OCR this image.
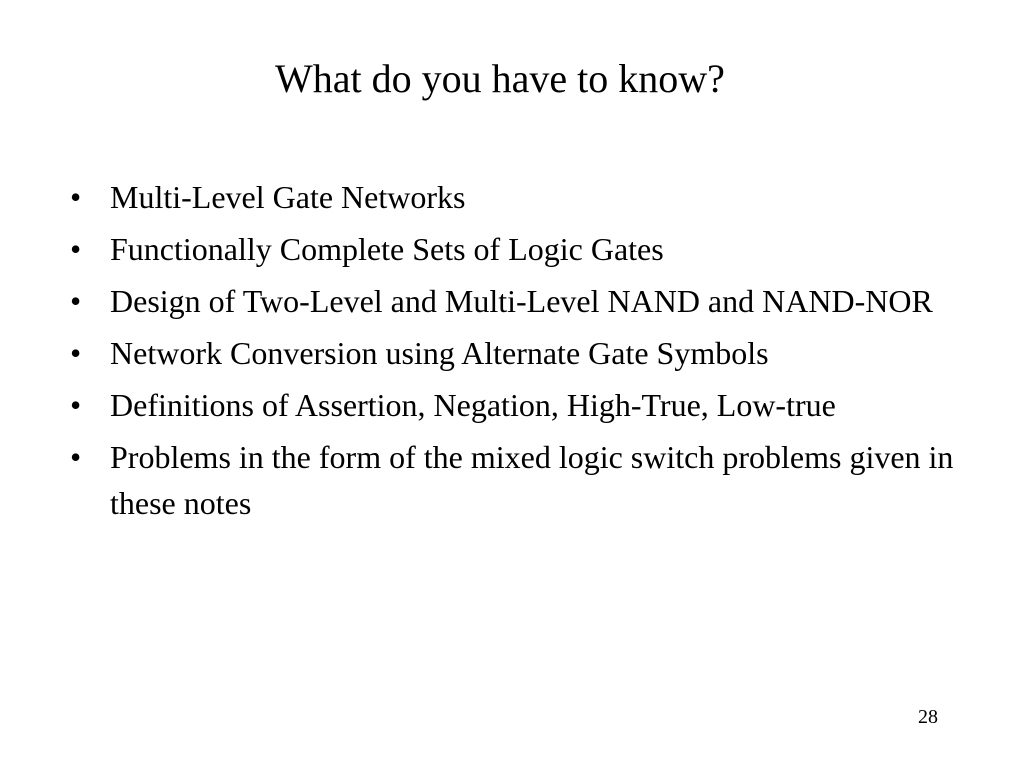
What do you have to know?
• Multi-Level Gate Networks
• Functionally Complete Sets of Logic Gates
• Design of Two-Level and Multi-Level NAND and NAND-NOR
• Network Conversion using Alternate Gate Symbols
• Definitions of Assertion, Negation, High-True, Low-true
• Problems in the form of the mixed logic switch problems given in these notes
28
